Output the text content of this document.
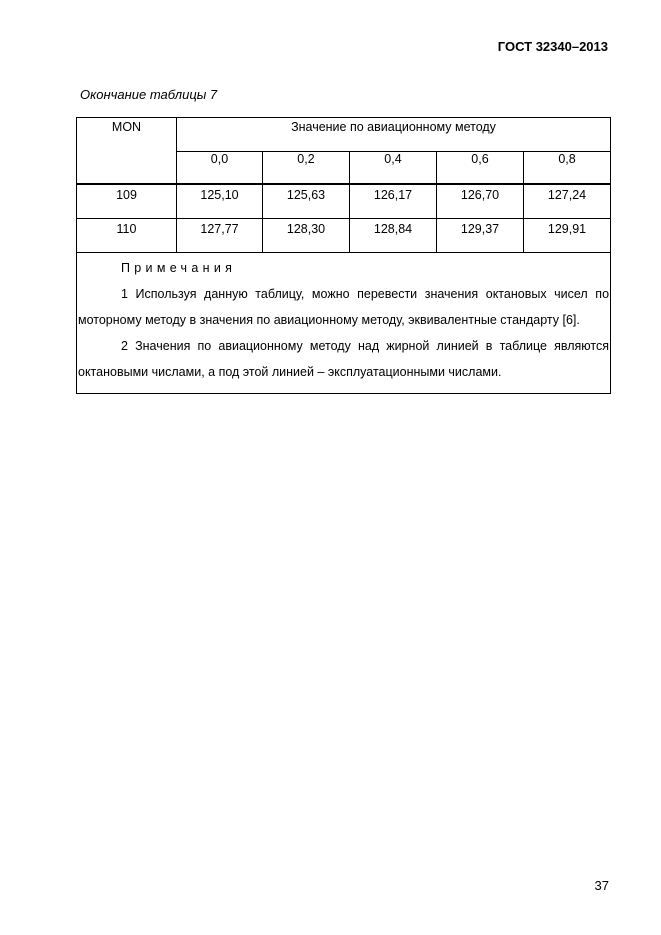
ГОСТ 32340–2013

Окончание таблицы 7

MON	Значение по авиационному методу				
	0,0	0,2	0,4	0,6	0,8
109	125,10	125,63	126,17	126,70	127,24
110	127,77	128,30	128,84	129,37	129,91

Примечания
1 Используя данную таблицу, можно перевести значения октановых чисел по моторному методу в значения по авиационному методу, эквивалентные стандарту [6].
2 Значения по авиационному методу над жирной линией в таблице являются октановыми числами, а под этой линией – эксплуатационными числами.					

37
